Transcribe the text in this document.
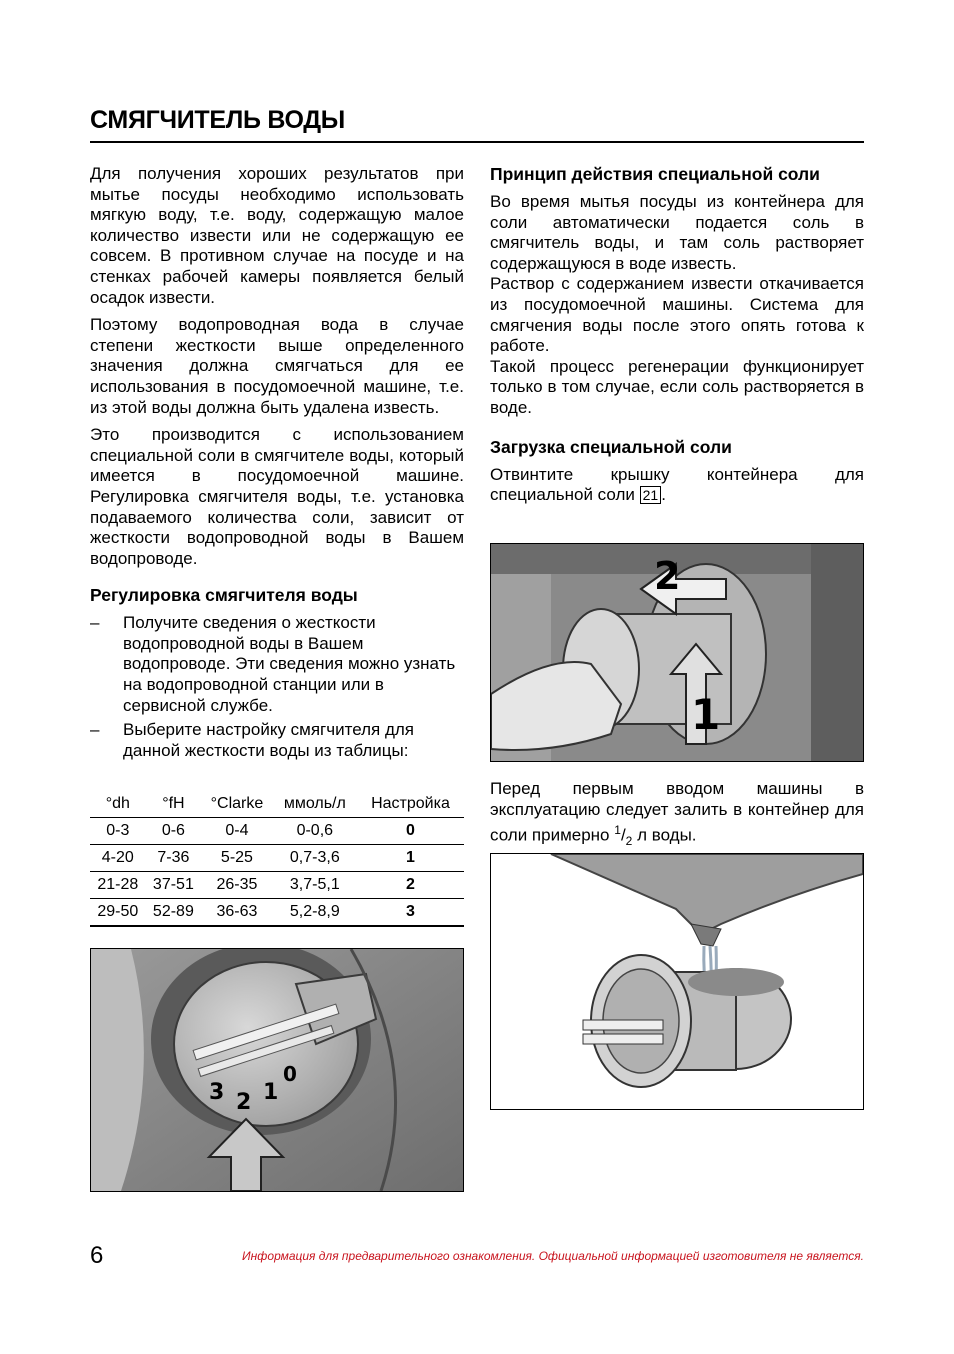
СМЯГЧИТЕЛЬ ВОДЫ

Для получения хороших результатов при мытье посуды необходимо использовать мягкую воду, т.е. воду, содержащую малое количество извести или не содержащую ее совсем. В противном случае на посуде и на стенках рабочей камеры появляется белый осадок извести.

Поэтому водопроводная вода в случае степени жесткости выше определенного значения должна смягчаться для ее использования в посудомоечной машине, т.е. из этой воды должна быть удалена известь.

Это производится с использованием специальной соли в смягчителе воды, который имеется в посудомоечной машине. Регулировка смягчителя воды, т.е. установка подаваемого количества соли, зависит от жесткости водопроводной воды в Вашем водопроводе.

Регулировка смягчителя воды
– Получите сведения о жесткости водопроводной воды в Вашем водопроводе. Эти сведения можно узнать на водопроводной станции или в сервисной службе.
– Выберите настройку смягчителя для данной жесткости воды из таблицы:
°dh	°fH	°Clarke	ммоль/л	Настройка
0-3	0-6	0-4	0-0,6	0
4-20	7-36	5-25	0,7-3,6	1
21-28	37-51	26-35	3,7-5,1	2
29-50	52-89	36-63	5,2-8,9	3
3 2 1
0
Принцип действия специальной соли

Во время мытья посуды из контейнера для соли автоматически подается соль в смягчитель воды, и там соль растворяет содержащуюся в воде известь.

Раствор с содержанием извести откачивается из посудомоечной машины. Система для смягчения воды после этого опять готова к работе.

Такой процесс регенерации функционирует только в том случае, если соль растворяется в воде.

Загрузка специальной соли

Отвинтите крышку контейнера для специальной соли 21 .

2
1

Перед первым вводом машины в эксплуатацию следует залить в контейнер для соли примерно $^1/_2$ л воды.

6	Информация для предварительного ознакомления. Официальной информацией изготовителя не является.
